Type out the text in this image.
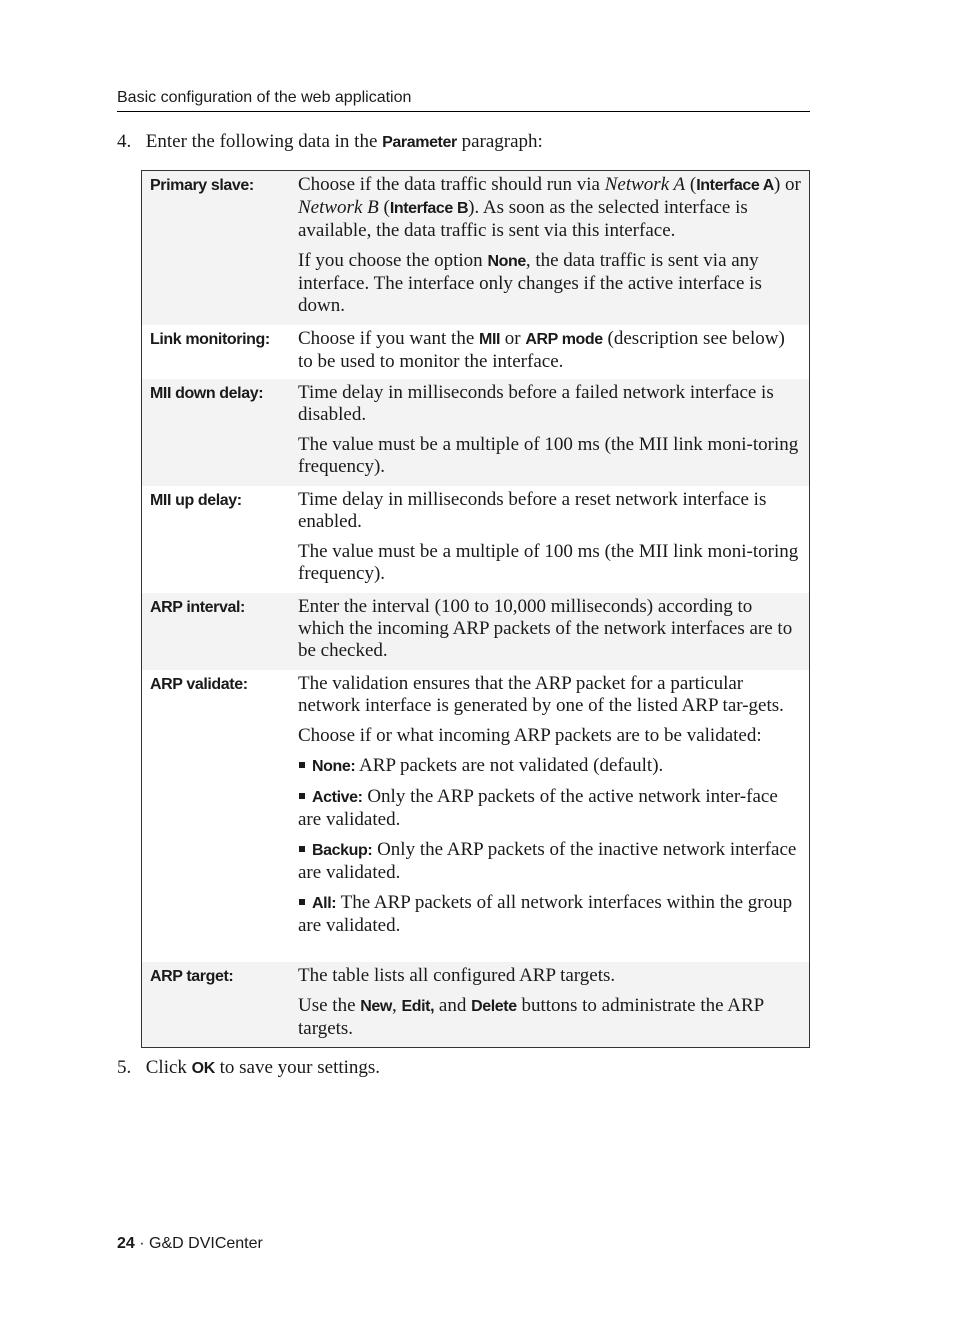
Basic configuration of the web application
4. Enter the following data in the Parameter paragraph:
Primary slave:	Choose if the data traffic should run via Network A (Interface A) or Network B (Interface B). As soon as the selected interface is available, the data traffic is sent via this interface.

If you choose the option None, the data traffic is sent via any interface. The interface only changes if the active interface is down.

Link monitoring:	Choose if you want the MII or ARP mode (description see below) to be used to monitor the interface.

MII down delay:	Time delay in milliseconds before a failed network interface is disabled.

The value must be a multiple of 100 ms (the MII link moni-toring frequency).

MII up delay:	Time delay in milliseconds before a reset network interface is enabled.

The value must be a multiple of 100 ms (the MII link moni-toring frequency).

ARP interval:	Enter the interval (100 to 10,000 milliseconds) according to which the incoming ARP packets of the network interfaces are to be checked.

ARP validate:	The validation ensures that the ARP packet for a particular network interface is generated by one of the listed ARP tar-gets.

Choose if or what incoming ARP packets are to be validated:

None: ARP packets are not validated (default).
Active: Only the ARP packets of the active network inter-face are validated.
Backup: Only the ARP packets of the inactive network interface are validated.
All: The ARP packets of all network interfaces within the group are validated.
ARP target:	The table lists all configured ARP targets.

Use the New, Edit, and Delete buttons to administrate the ARP targets.

5. Click OK to save your settings.
24 · G&D DVICenter
